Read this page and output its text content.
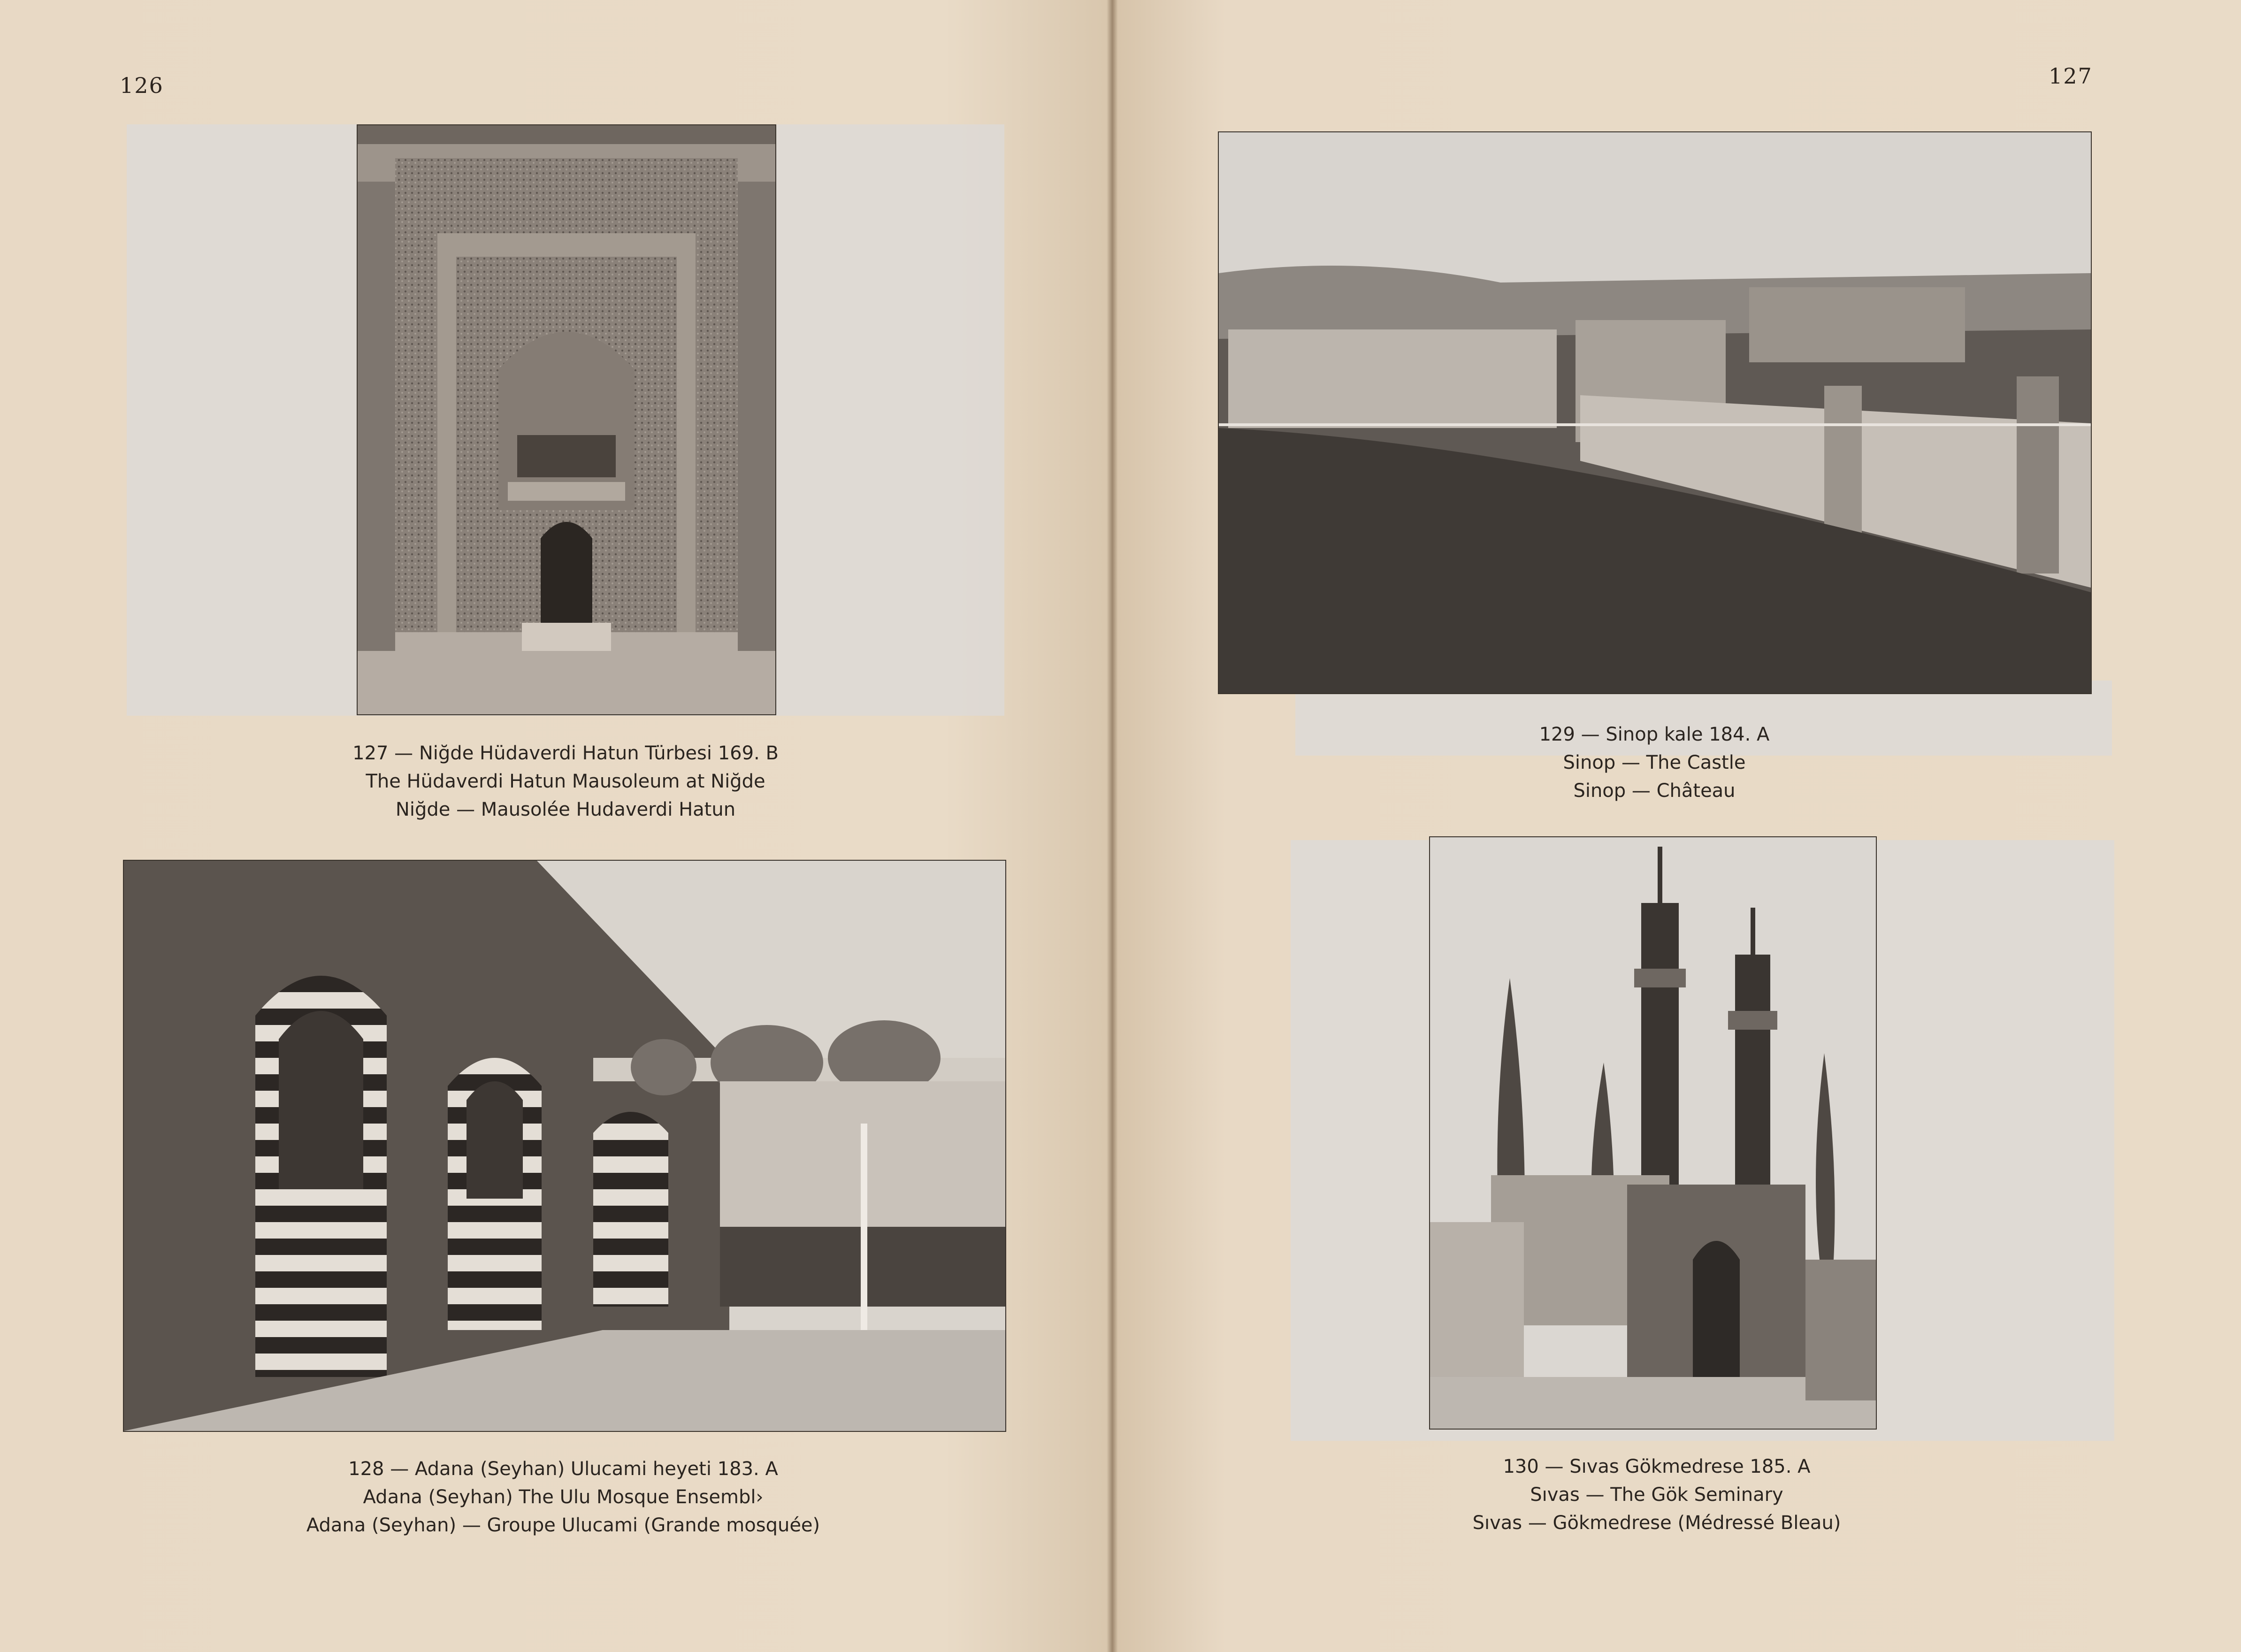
126	127
127 — Niğde Hüdaverdi Hatun Türbesi 169. B
The Hüdaverdi Hatun Mausoleum at Niğde
Niğde — Mausolée Hudaverdi Hatun
128 — Adana (Seyhan) Ulucami heyeti 183. A
Adana (Seyhan) The Ulu Mosque Ensembl›
Adana (Seyhan) — Groupe Ulucami (Grande mosquée)
129 — Sinop kale 184. A
Sinop — The Castle
Sinop — Château
130 — Sıvas Gökmedrese 185. A
Sıvas — The Gök Seminary
Sıvas — Gökmedrese (Médressé Bleau)
